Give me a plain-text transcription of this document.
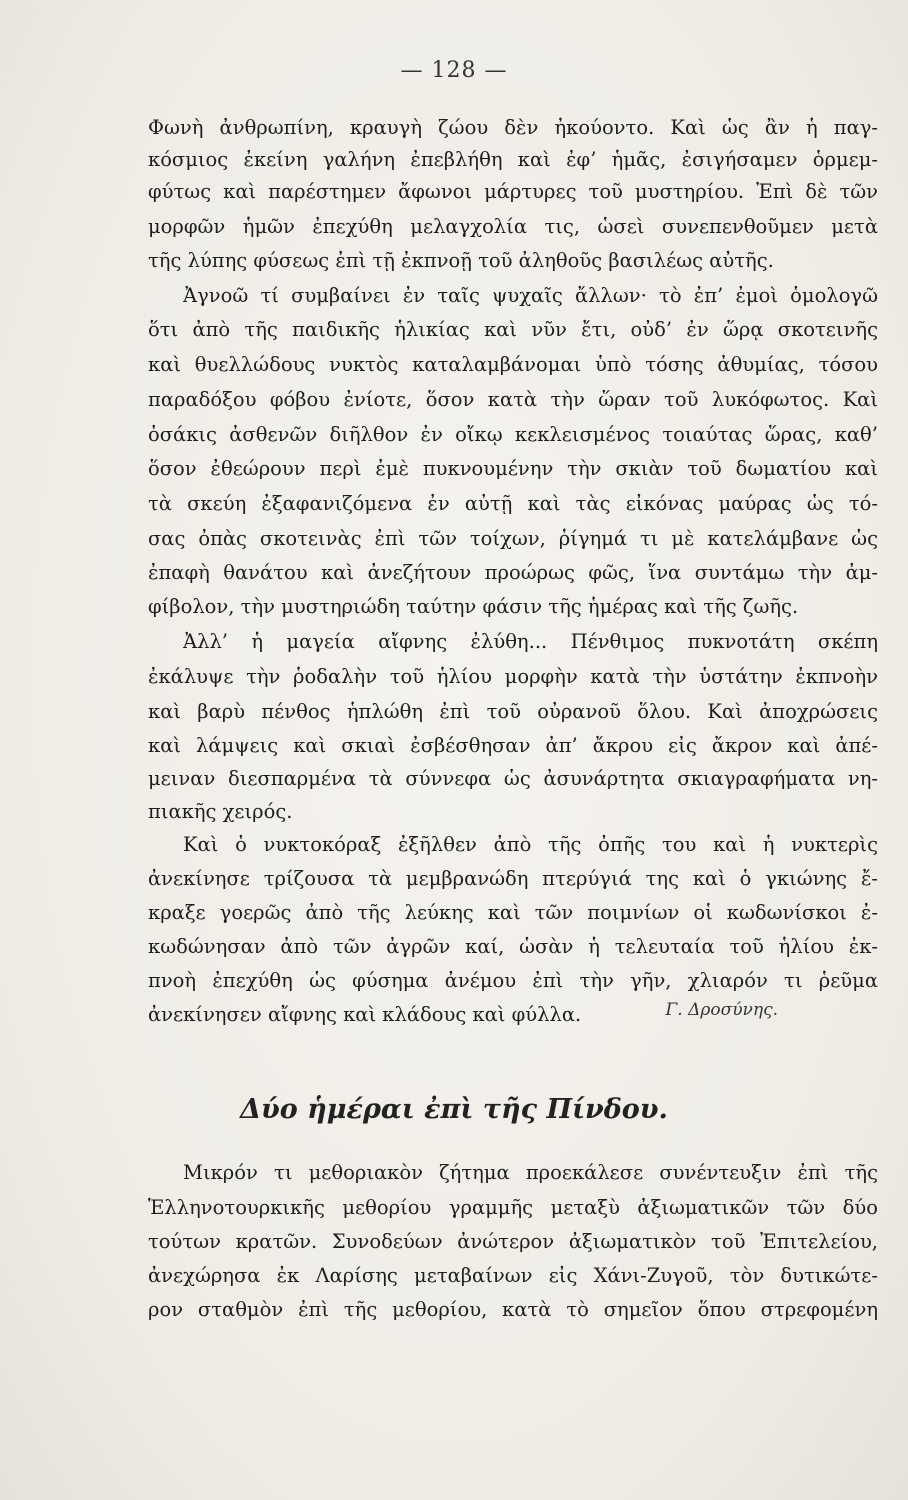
— 128 —
Φωνὴ ἀνθρωπίνη, κραυγὴ ζώου δὲν ἠκούοντο. Καὶ ὡς ἂν ἡ παγ-
κόσμιος ἐκείνη γαλήνη ἐπεβλήθη καὶ ἐφ’ ἡμᾶς, ἐσιγήσαμεν ὁρμεμ-
φύτως καὶ παρέστημεν ἄφωνοι μάρτυρες τοῦ μυστηρίου. Ἐπὶ δὲ τῶν
μορφῶν ἡμῶν ἐπεχύθη μελαγχολία τις, ὡσεὶ συνεπενθοῦμεν μετὰ
τῆς λύπης φύσεως ἐπὶ τῇ ἐκπνοῇ τοῦ ἀληθοῦς βασιλέως αὐτῆς.
Ἀγνοῶ τί συμβαίνει ἐν ταῖς ψυχαῖς ἄλλων· τὸ ἐπ’ ἐμοὶ ὁμολογῶ
ὅτι ἀπὸ τῆς παιδικῆς ἡλικίας καὶ νῦν ἔτι, οὐδ’ ἐν ὥρᾳ σκοτεινῆς
καὶ θυελλώδους νυκτὸς καταλαμβάνομαι ὑπὸ τόσης ἀθυμίας, τόσου
παραδόξου φόβου ἐνίοτε, ὅσον κατὰ τὴν ὥραν τοῦ λυκόφωτος. Καὶ
ὁσάκις ἀσθενῶν διῆλθον ἐν οἴκῳ κεκλεισμένος τοιαύτας ὥρας, καθ’
ὅσον ἐθεώρουν περὶ ἐμὲ πυκνουμένην τὴν σκιὰν τοῦ δωματίου καὶ
τὰ σκεύη ἐξαφανιζόμενα ἐν αὐτῇ καὶ τὰς εἰκόνας μαύρας ὡς τό-
σας ὀπὰς σκοτεινὰς ἐπὶ τῶν τοίχων, ῥίγημά τι μὲ κατελάμβανε ὡς
ἐπαφὴ θανάτου καὶ ἀνεζήτουν προώρως φῶς, ἵνα συντάμω τὴν ἀμ-
φίβολον, τὴν μυστηριώδη ταύτην φάσιν τῆς ἡμέρας καὶ τῆς ζωῆς.
Ἀλλ’ ἡ μαγεία αἴφνης ἐλύθη... Πένθιμος πυκνοτάτη σκέπη
ἐκάλυψε τὴν ῥοδαλὴν τοῦ ἡλίου μορφὴν κατὰ τὴν ὑστάτην ἐκπνοὴν
καὶ βαρὺ πένθος ἡπλώθη ἐπὶ τοῦ οὐρανοῦ ὅλου. Καὶ ἀποχρώσεις
καὶ λάμψεις καὶ σκιαὶ ἐσβέσθησαν ἀπ’ ἄκρου εἰς ἄκρον καὶ ἀπέ-
μειναν διεσπαρμένα τὰ σύννεφα ὡς ἀσυνάρτητα σκιαγραφήματα νη-
πιακῆς χειρός.
Καὶ ὁ νυκτοκόραξ ἐξῆλθεν ἀπὸ τῆς ὀπῆς του καὶ ἡ νυκτερὶς
ἀνεκίνησε τρίζουσα τὰ μεμβρανώδη πτερύγιά της καὶ ὁ γκιώνης ἔ-
κραξε γοερῶς ἀπὸ τῆς λεύκης καὶ τῶν ποιμνίων οἱ κωδωνίσκοι ἐ-
κωδώνησαν ἀπὸ τῶν ἀγρῶν καί, ὡσὰν ἡ τελευταία τοῦ ἡλίου ἐκ-
πνοὴ ἐπεχύθη ὡς φύσημα ἀνέμου ἐπὶ τὴν γῆν, χλιαρόν τι ῥεῦμα
ἀνεκίνησεν αἴφνης καὶ κλάδους καὶ φύλλα.	Γ. Δροσύνης.
Δύο ἡμέραι ἐπὶ τῆς Πίνδου.
Μικρόν τι μεθοριακὸν ζήτημα προεκάλεσε συνέντευξιν ἐπὶ τῆς
Ἑλληνοτουρκικῆς μεθορίου γραμμῆς μεταξὺ ἀξιωματικῶν τῶν δύο
τούτων κρατῶν. Συνοδεύων ἀνώτερον ἀξιωματικὸν τοῦ Ἐπιτελείου,
ἀνεχώρησα ἐκ Λαρίσης μεταβαίνων εἰς Χάνι-Ζυγοῦ, τὸν δυτικώτε-
ρον σταθμὸν ἐπὶ τῆς μεθορίου, κατὰ τὸ σημεῖον ὅπου στρεφομένη
